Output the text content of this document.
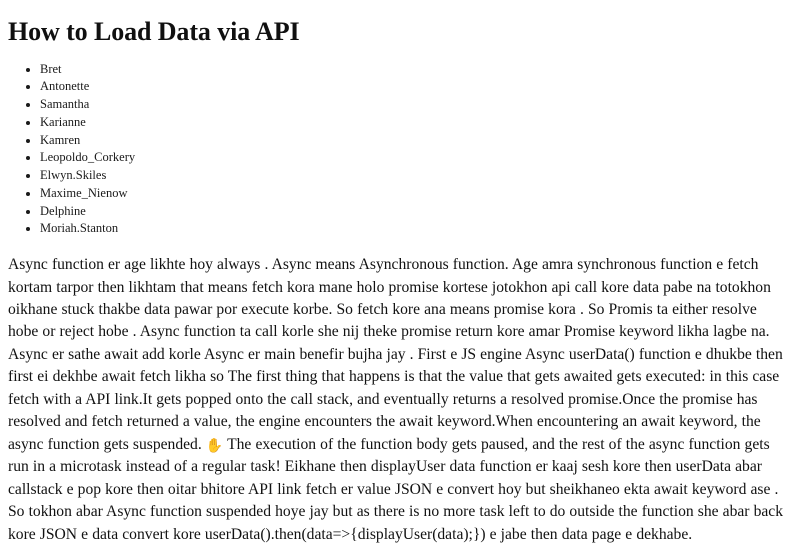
How to Load Data via API
• Bret
• Antonette
• Samantha
• Karianne
• Kamren
• Leopoldo_Corkery
• Elwyn.Skiles
• Maxime_Nienow
• Delphine
• Moriah.Stanton

Async function er age likhte hoy always . Async means Asynchronous function. Age amra synchronous function e fetch kortam tarpor then likhtam that means fetch kora mane holo promise kortese jotokhon api call kore data pabe na totokhon oikhane stuck thakbe data pawar por execute korbe. So fetch kore ana means promise kora . So Promis ta either resolve hobe or reject hobe . Async function ta call korle she nij theke promise return kore amar Promise keyword likha lagbe na. Async er sathe await add korle Async er main benefir bujha jay . First e JS engine Async userData() function e dhukbe then first ei dekhbe await fetch likha so The first thing that happens is that the value that gets awaited gets executed: in this case fetch with a API link.It gets popped onto the call stack, and eventually returns a resolved promise.Once the promise has resolved and fetch returned a value, the engine encounters the await keyword.When encountering an await keyword, the async function gets suspended. ✋ The execution of the function body gets paused, and the rest of the async function gets run in a microtask instead of a regular task! Eikhane then displayUser data function er kaaj sesh kore then userData abar callstack e pop kore then oitar bhitore API link fetch er value JSON e convert hoy but sheikhaneo ekta await keyword ase . So tokhon abar Async function suspended hoye jay but as there is no more task left to do outside the function she abar back kore JSON e data convert kore userData().then(data=>{displayUser(data);}) e jabe then data page e dekhabe.
